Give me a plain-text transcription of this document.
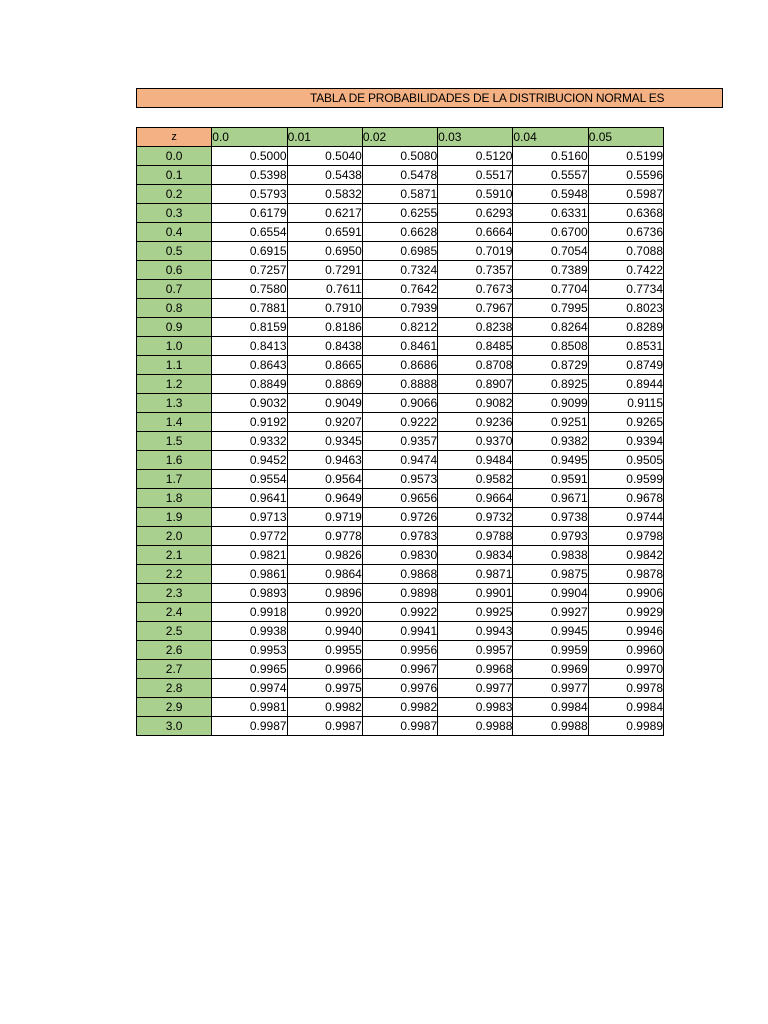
TABLA DE PROBABILIDADES DE LA DISTRIBUCION NORMAL ES
z	0.0	0.01	0.02	0.03	0.04	0.05
0.0	0.5000	0.5040	0.5080	0.5120	0.5160	0.5199
0.1	0.5398	0.5438	0.5478	0.5517	0.5557	0.5596
0.2	0.5793	0.5832	0.5871	0.5910	0.5948	0.5987
0.3	0.6179	0.6217	0.6255	0.6293	0.6331	0.6368
0.4	0.6554	0.6591	0.6628	0.6664	0.6700	0.6736
0.5	0.6915	0.6950	0.6985	0.7019	0.7054	0.7088
0.6	0.7257	0.7291	0.7324	0.7357	0.7389	0.7422
0.7	0.7580	0.7611	0.7642	0.7673	0.7704	0.7734
0.8	0.7881	0.7910	0.7939	0.7967	0.7995	0.8023
0.9	0.8159	0.8186	0.8212	0.8238	0.8264	0.8289
1.0	0.8413	0.8438	0.8461	0.8485	0.8508	0.8531
1.1	0.8643	0.8665	0.8686	0.8708	0.8729	0.8749
1.2	0.8849	0.8869	0.8888	0.8907	0.8925	0.8944
1.3	0.9032	0.9049	0.9066	0.9082	0.9099	0.9115
1.4	0.9192	0.9207	0.9222	0.9236	0.9251	0.9265
1.5	0.9332	0.9345	0.9357	0.9370	0.9382	0.9394
1.6	0.9452	0.9463	0.9474	0.9484	0.9495	0.9505
1.7	0.9554	0.9564	0.9573	0.9582	0.9591	0.9599
1.8	0.9641	0.9649	0.9656	0.9664	0.9671	0.9678
1.9	0.9713	0.9719	0.9726	0.9732	0.9738	0.9744
2.0	0.9772	0.9778	0.9783	0.9788	0.9793	0.9798
2.1	0.9821	0.9826	0.9830	0.9834	0.9838	0.9842
2.2	0.9861	0.9864	0.9868	0.9871	0.9875	0.9878
2.3	0.9893	0.9896	0.9898	0.9901	0.9904	0.9906
2.4	0.9918	0.9920	0.9922	0.9925	0.9927	0.9929
2.5	0.9938	0.9940	0.9941	0.9943	0.9945	0.9946
2.6	0.9953	0.9955	0.9956	0.9957	0.9959	0.9960
2.7	0.9965	0.9966	0.9967	0.9968	0.9969	0.9970
2.8	0.9974	0.9975	0.9976	0.9977	0.9977	0.9978
2.9	0.9981	0.9982	0.9982	0.9983	0.9984	0.9984
3.0	0.9987	0.9987	0.9987	0.9988	0.9988	0.9989
